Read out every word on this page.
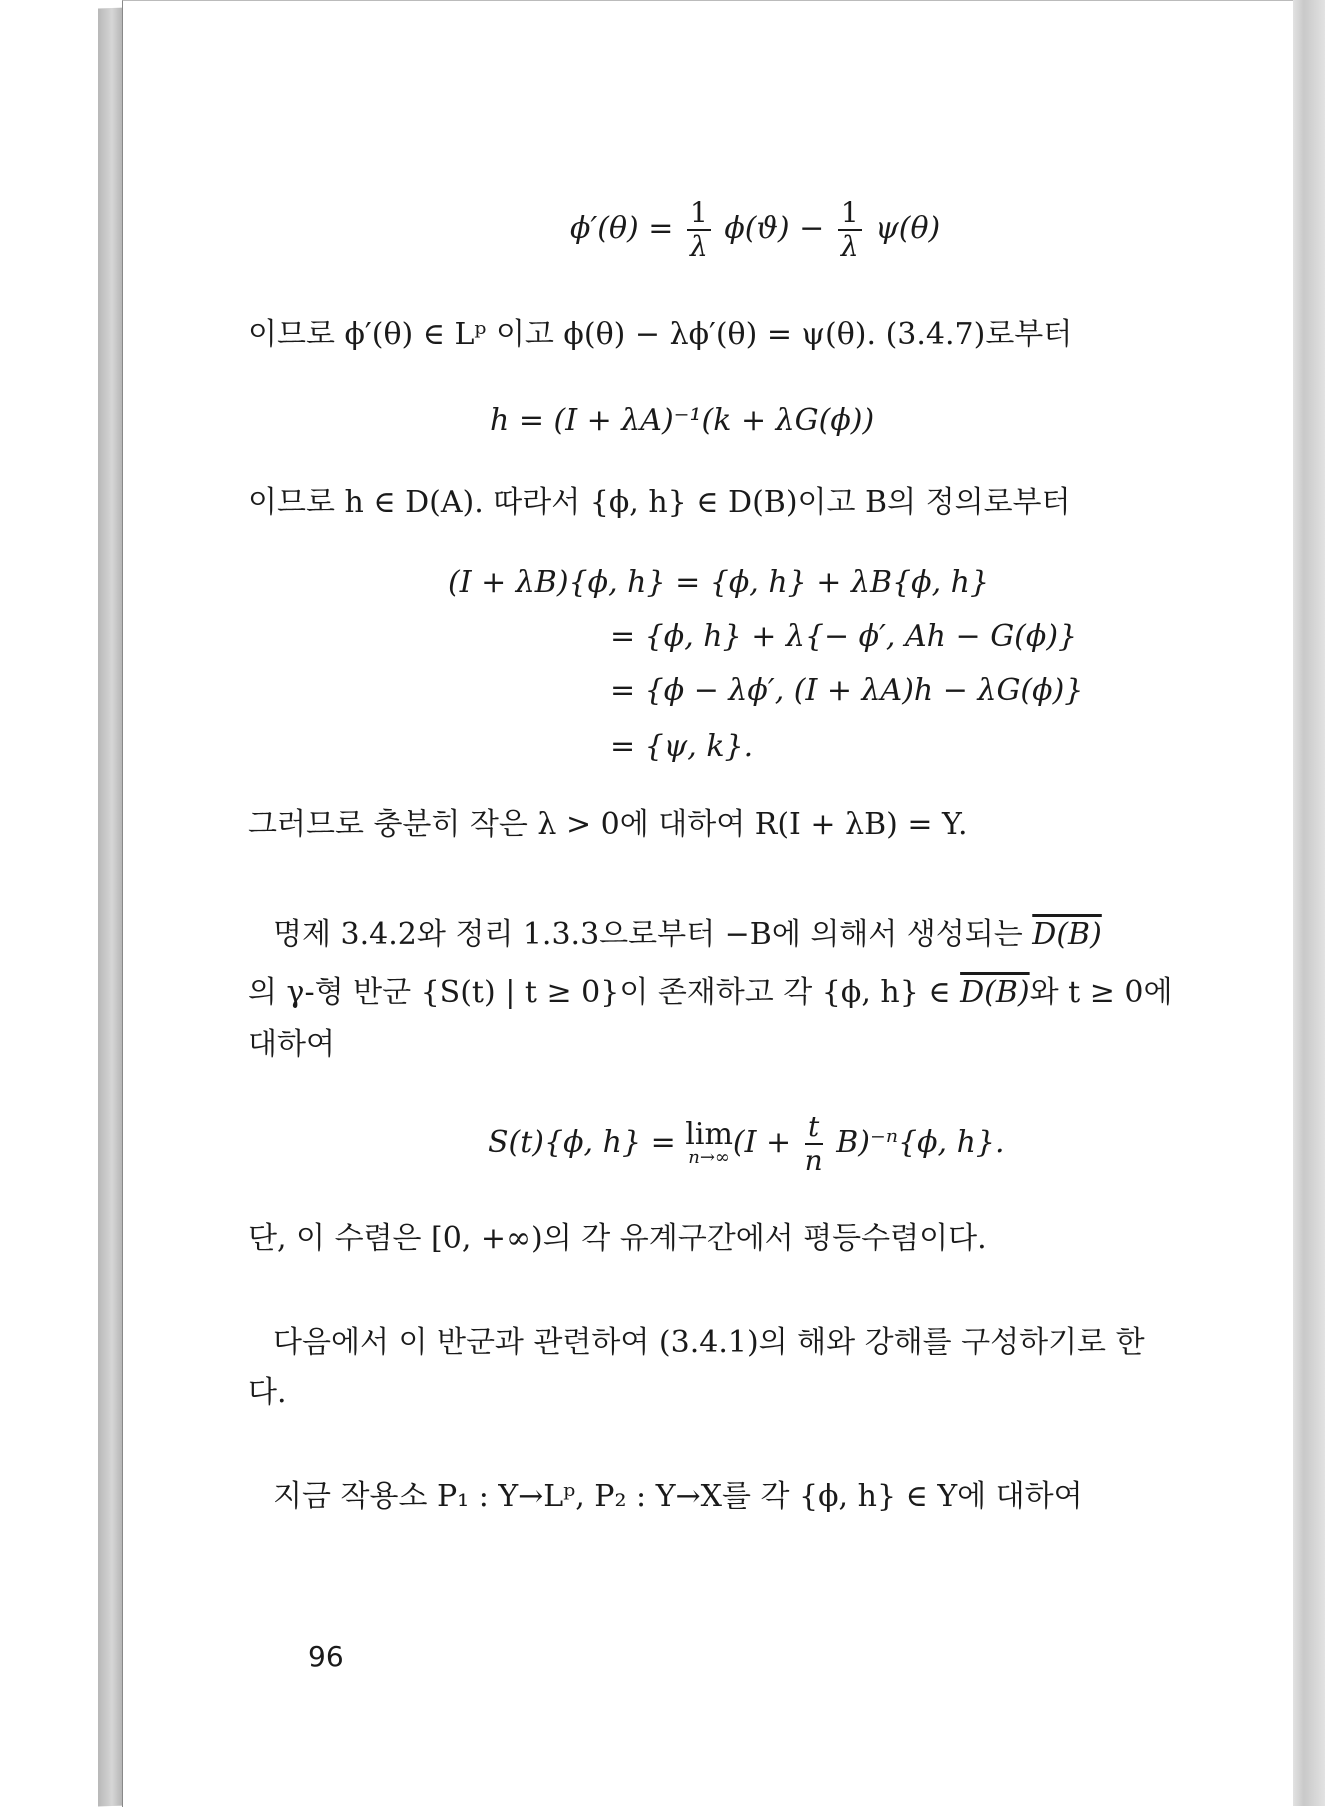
$\phi'(\theta) = \frac{1}{\lambda} \phi(ϑ) - \frac{1}{\lambda} \psi(\theta)$
이므로 ϕ′(θ) ∈ Lᵖ 이고 ϕ(θ) − λϕ′(θ) = ψ(θ). (3.4.7)로부터
h = (I + λA)⁻¹(k + λG(ϕ))
이므로 h ∈ D(A). 따라서 {ϕ, h} ∈ D(B)이고 B의 정의로부터
(I + λB){ϕ, h} = {ϕ, h} + λB{ϕ, h}
= {ϕ, h} + λ{− ϕ′, Ah − G(ϕ)}
= {ϕ − λϕ′, (I + λA)h − λG(ϕ)}
= {ψ, k}.
그러므로 충분히 작은 λ > 0에 대하여 R(I + λB) = Y.
명제 3.4.2와 정리 1.3.3으로부터 −B에 의해서 생성되는 D(B)
의 γ-형 반군 {S(t) | t ≥ 0}이 존재하고 각 {ϕ, h} ∈ D(B)와 t ≥ 0에
대하여
S(t){ϕ, h} = lim
n→∞ $(I + \frac{t}{n} B)^{-n}\{\phi$, h}.
단, 이 수렴은 [0, +∞)의 각 유계구간에서 평등수렴이다.
다음에서 이 반군과 관련하여 (3.4.1)의 해와 강해를 구성하기로 한
다.
지금 작용소 P₁ : Y→Lᵖ, P₂ : Y→X를 각 {ϕ, h} ∈ Y에 대하여
96
